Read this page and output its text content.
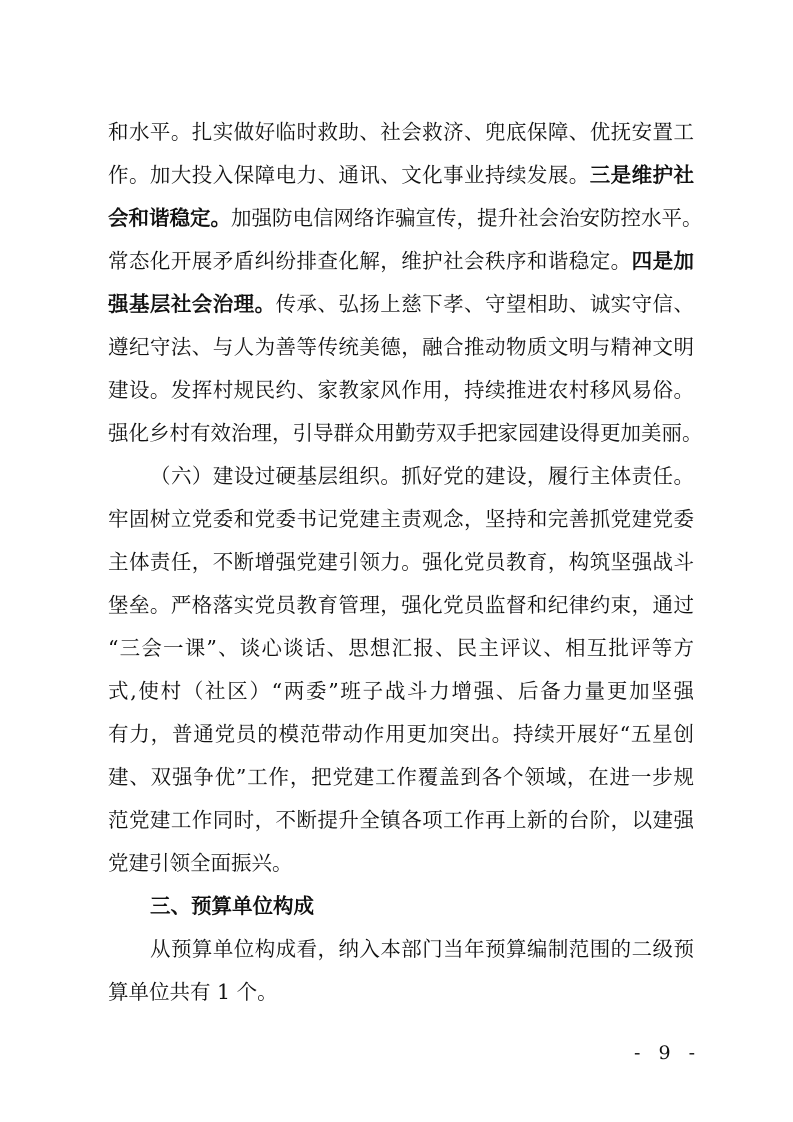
和水平。扎实做好临时救助、社会救济、兜底保障、优抚安置工
作。加大投入保障电力、通讯、文化事业持续发展。三是维护社
会和谐稳定。加强防电信网络诈骗宣传，提升社会治安防控水平。
常态化开展矛盾纠纷排查化解，维护社会秩序和谐稳定。四是加
强基层社会治理。传承、弘扬上慈下孝、守望相助、诚实守信、
遵纪守法、与人为善等传统美德，融合推动物质文明与精神文明
建设。发挥村规民约、家教家风作用，持续推进农村移风易俗。
强化乡村有效治理，引导群众用勤劳双手把家园建设得更加美丽。
（六）建设过硬基层组织。抓好党的建设，履行主体责任。
牢固树立党委和党委书记党建主责观念，坚持和完善抓党建党委
主体责任，不断增强党建引领力。强化党员教育，构筑坚强战斗
堡垒。严格落实党员教育管理，强化党员监督和纪律约束，通过
“三会一课”、谈心谈话、思想汇报、民主评议、相互批评等方
式,使村（社区）“两委”班子战斗力增强、后备力量更加坚强
有力，普通党员的模范带动作用更加突出。持续开展好“五星创
建、双强争优”工作，把党建工作覆盖到各个领域，在进一步规
范党建工作同时，不断提升全镇各项工作再上新的台阶，以建强
党建引领全面振兴。
三、预算单位构成
从预算单位构成看，纳入本部门当年预算编制范围的二级预
算单位共有 1 个。
- 9 -
